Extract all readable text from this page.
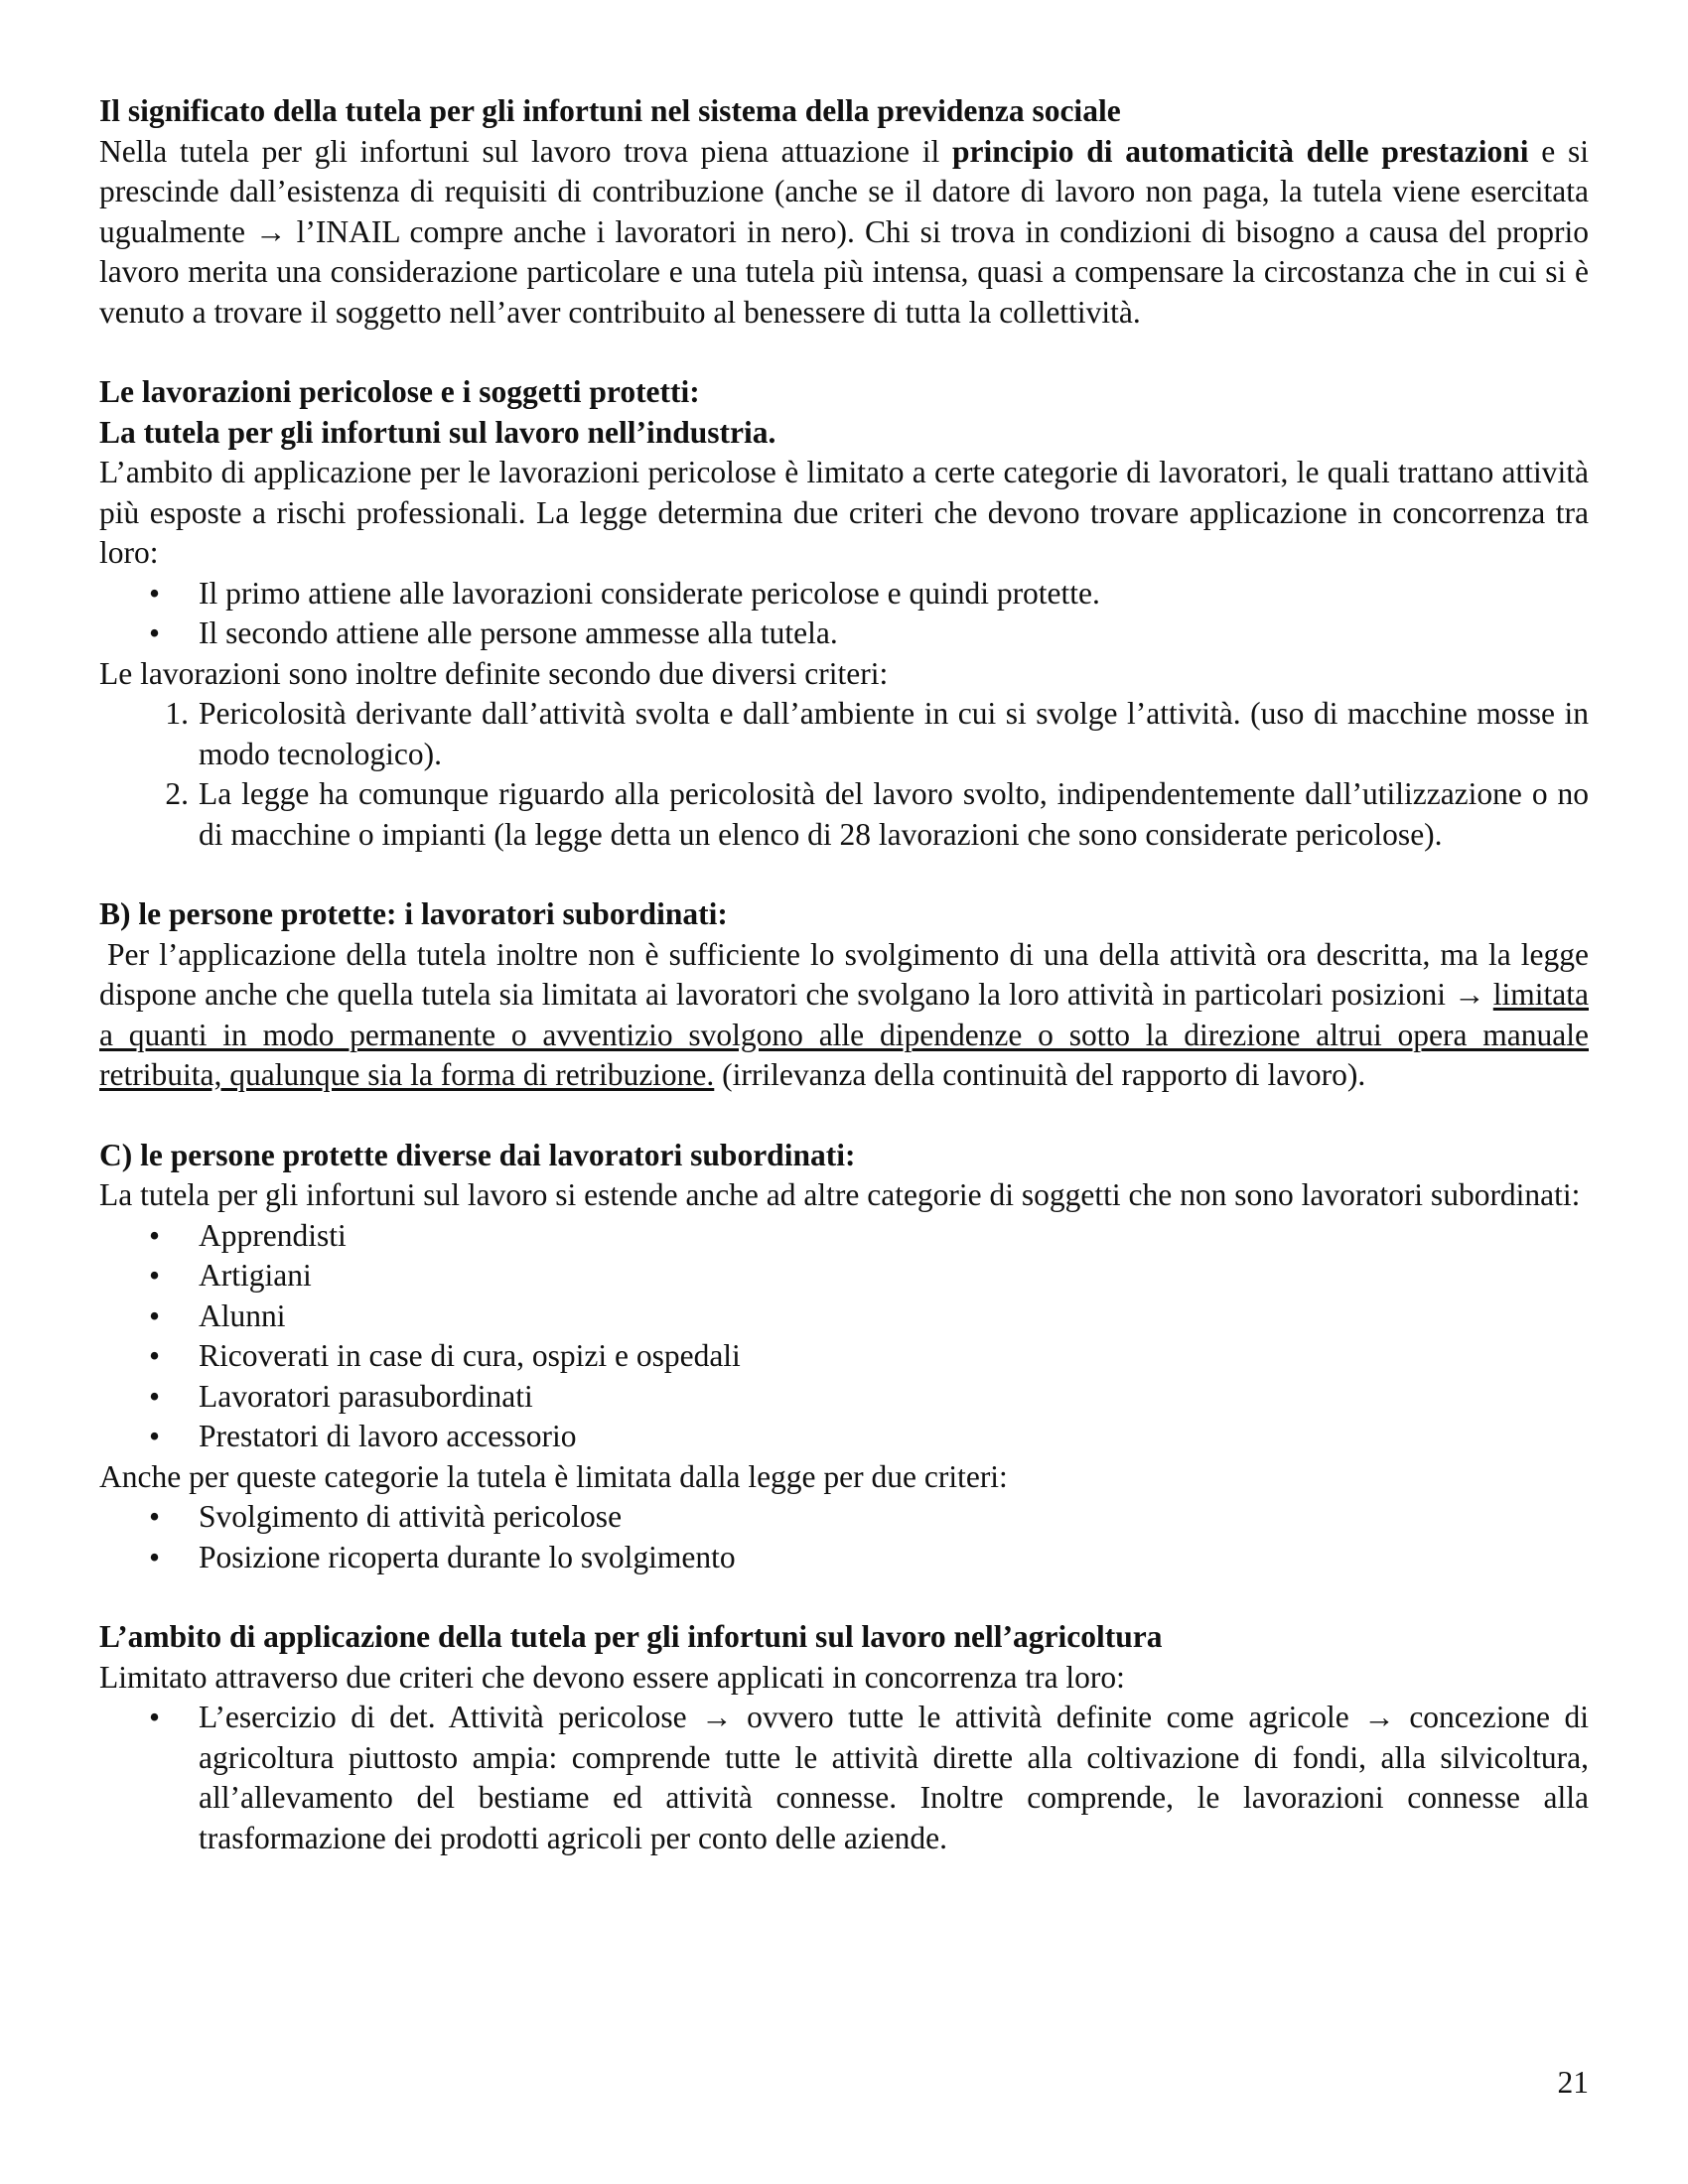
Il significato della tutela per gli infortuni nel sistema della previdenza sociale

Nella tutela per gli infortuni sul lavoro trova piena attuazione il principio di automaticità delle prestazioni e si prescinde dall’esistenza di requisiti di contribuzione (anche se il datore di lavoro non paga, la tutela viene esercitata ugualmente → l’INAIL compre anche i lavoratori in nero). Chi si trova in condizioni di bisogno a causa del proprio lavoro merita una considerazione particolare e una tutela più intensa, quasi a compensare la circostanza che in cui si è venuto a trovare il soggetto nell’aver contribuito al benessere di tutta la collettività.

Le lavorazioni pericolose e i soggetti protetti:

La tutela per gli infortuni sul lavoro nell’industria.

L’ambito di applicazione per le lavorazioni pericolose è limitato a certe categorie di lavoratori, le quali trattano attività più esposte a rischi professionali. La legge determina due criteri che devono trovare applicazione in concorrenza tra loro:

• Il primo attiene alle lavorazioni considerate pericolose e quindi protette.
• Il secondo attiene alle persone ammesse alla tutela.

Le lavorazioni sono inoltre definite secondo due diversi criteri:

1. Pericolosità derivante dall’attività svolta e dall’ambiente in cui si svolge l’attività. (uso di macchine mosse in modo tecnologico).
2. La legge ha comunque riguardo alla pericolosità del lavoro svolto, indipendentemente dall’utilizzazione o no di macchine o impianti (la legge detta un elenco di 28 lavorazioni che sono considerate pericolose).

B) le persone protette: i lavoratori subordinati:

Per l’applicazione della tutela inoltre non è sufficiente lo svolgimento di una della attività ora descritta, ma la legge dispone anche che quella tutela sia limitata ai lavoratori che svolgano la loro attività in particolari posizioni → limitata a quanti in modo permanente o avventizio svolgono alle dipendenze o sotto la direzione altrui opera manuale retribuita, qualunque sia la forma di retribuzione. (irrilevanza della continuità del rapporto di lavoro).

C) le persone protette diverse dai lavoratori subordinati:

La tutela per gli infortuni sul lavoro si estende anche ad altre categorie di soggetti che non sono lavoratori subordinati:

• Apprendisti
• Artigiani
• Alunni
• Ricoverati in case di cura, ospizi e ospedali
• Lavoratori parasubordinati
• Prestatori di lavoro accessorio

Anche per queste categorie la tutela è limitata dalla legge per due criteri:

• Svolgimento di attività pericolose
• Posizione ricoperta durante lo svolgimento

L’ambito di applicazione della tutela per gli infortuni sul lavoro nell’agricoltura

Limitato attraverso due criteri che devono essere applicati in concorrenza tra loro:

• L’esercizio di det. Attività pericolose → ovvero tutte le attività definite come agricole → concezione di agricoltura piuttosto ampia: comprende tutte le attività dirette alla coltivazione di fondi, alla silvicoltura, all’allevamento del bestiame ed attività connesse. Inoltre comprende, le lavorazioni connesse alla trasformazione dei prodotti agricoli per conto delle aziende.
21
